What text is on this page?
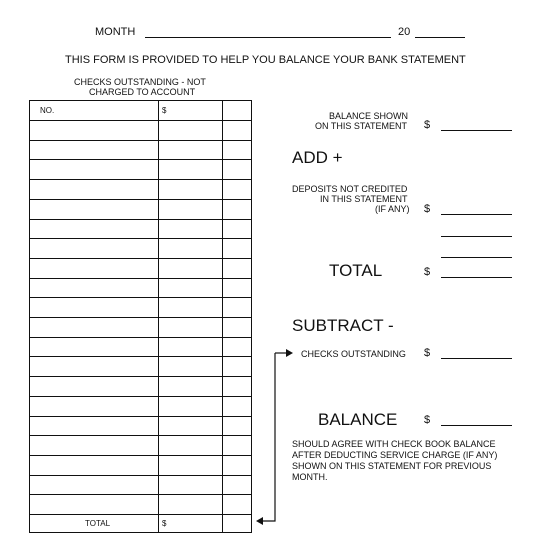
MONTH	20
THIS FORM IS PROVIDED TO HELP YOU BALANCE YOUR BANK STATEMENT
CHECKS OUTSTANDING - NOT
CHARGED TO ACCOUNT
NO.	$
TOTAL	$
BALANCE SHOWN
ON THIS STATEMENT $
ADD +
DEPOSITS NOT CREDITED
IN THIS STATEMENT
(IF ANY) $
TOTAL	$
SUBTRACT -
CHECKS OUTSTANDING $
BALANCE $
SHOULD AGREE WITH CHECK BOOK BALANCE
AFTER DEDUCTING SERVICE CHARGE (IF ANY)
SHOWN ON THIS STATEMENT FOR PREVIOUS
MONTH.
